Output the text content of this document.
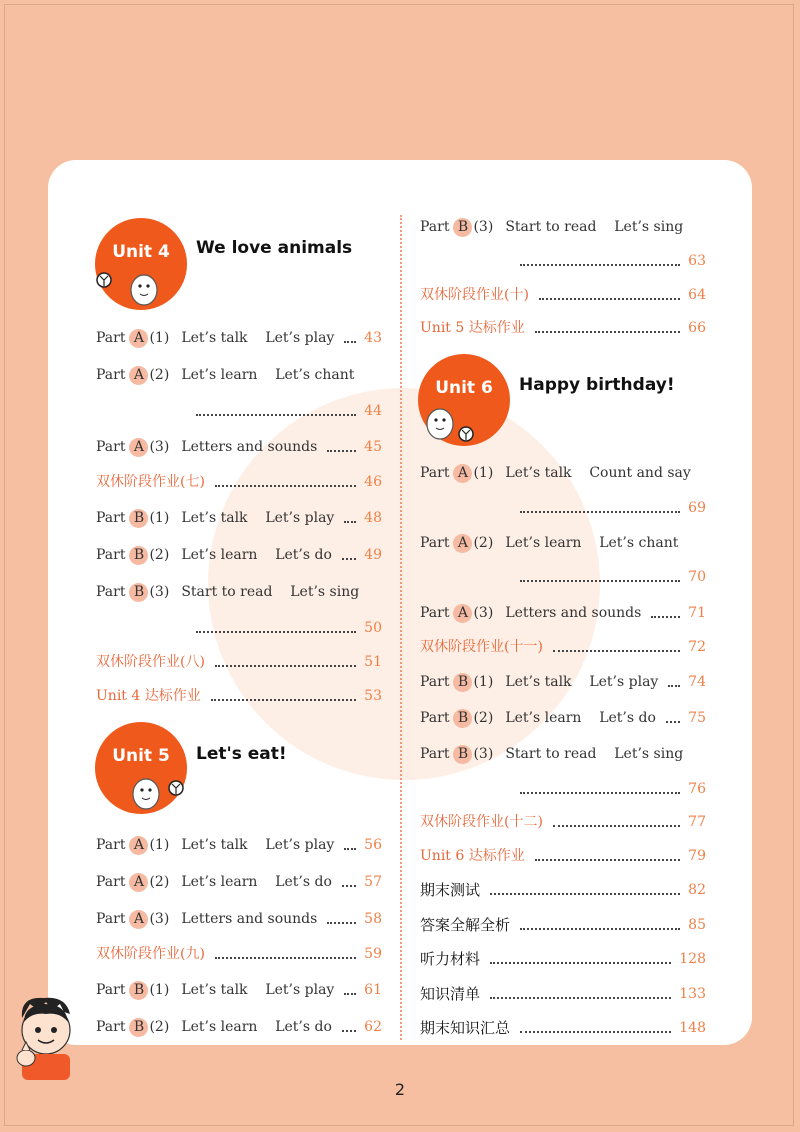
Unit 4	We love animals
Unit 5	Let's eat!
Unit 6	Happy birthday!
Part A (1) Let’s talk    Let’s play 43
Part A (2) Let’s learn    Let’s chant
44
Part A (3) Letters and sounds	45
双休阶段作业(七)	46
Part B (1) Let’s talk    Let’s play 48
Part B (2) Let’s learn    Let’s do 49
Part B (3) Start to read    Let’s sing
50
双休阶段作业(八)	51
Unit 4 达标作业	53
Part A (1) Let’s talk    Let’s play 56
Part A (2) Let’s learn    Let’s do 57
Part A (3) Letters and sounds	58
双休阶段作业(九)	59
Part B (1) Let’s talk    Let’s play 61
Part B (2) Let’s learn    Let’s do 62
Part B (3) Start to read    Let’s sing
63
双休阶段作业(十)	64
Unit 5 达标作业	66
Part A (1) Let’s talk    Count and say
69
Part A (2) Let’s learn    Let’s chant
70
Part A (3) Letters and sounds	71
双休阶段作业(十一)	72
Part B (1) Let’s talk    Let’s play 74
Part B (2) Let’s learn    Let’s do 75
Part B (3) Start to read    Let’s sing
76
双休阶段作业(十二)	77
Unit 6 达标作业	79
期末测试	82
答案全解全析	85
听力材料	128
知识清单	133
期末知识汇总	148
2
